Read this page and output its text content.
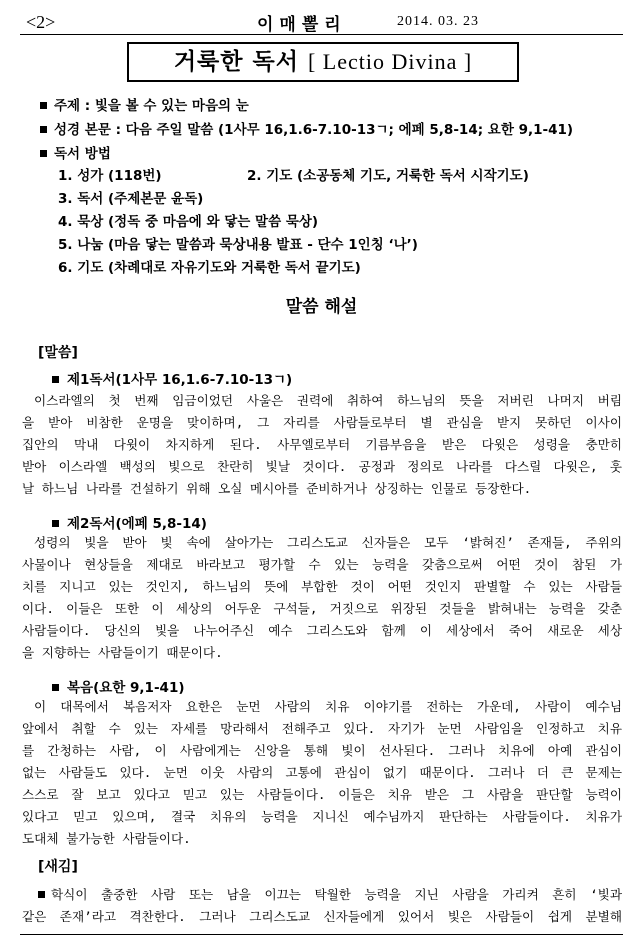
<2>	이매뽈리	2014. 03. 23
거룩한 독서 [ Lectio Divina ]
주제 : 빛을 볼 수 있는 마음의 눈
성경 본문 : 다음 주일 말씀 (1사무 16,1.6-7.10-13ㄱ; 에페 5,8-14; 요한 9,1-41)
독서 방법
1. 성가 (118번)	2. 기도 (소공동체 기도, 거룩한 독서 시작기도)
3. 독서 (주제본문 윤독)
4. 묵상 (정독 중 마음에 와 닿는 말씀 묵상)
5. 나눔 (마음 닿는 말씀과 묵상내용 발표 - 단수 1인칭 ‘나’)
6. 기도 (차례대로 자유기도와 거룩한 독서 끝기도)
말씀 해설
[말씀]
제1독서(1사무 16,1.6-7.10-13ㄱ)
이스라엘의 첫 번째 임금이었던 사울은 권력에 취하여 하느님의 뜻을 저버린 나머지 버림
을 받아 비참한 운명을 맞이하며, 그 자리를 사람들로부터 별 관심을 받지 못하던 이사이
집안의 막내 다윗이 차지하게 된다. 사무엘로부터 기름부음을 받은 다윗은 성령을 충만히
받아 이스라엘 백성의 빛으로 찬란히 빛날 것이다. 공정과 정의로 나라를 다스릴 다윗은, 훗
날 하느님 나라를 건설하기 위해 오실 메시아를 준비하거나 상징하는 인물로 등장한다.
제2독서(에페 5,8-14)
성령의 빛을 받아 빛 속에 살아가는 그리스도교 신자들은 모두 ‘밝혀진’ 존재들, 주위의
사물이나 현상들을 제대로 바라보고 평가할 수 있는 능력을 갖춤으로써 어떤 것이 참된 가
치를 지니고 있는 것인지, 하느님의 뜻에 부합한 것이 어떤 것인지 판별할 수 있는 사람들
이다. 이들은 또한 이 세상의 어두운 구석들, 거짓으로 위장된 것들을 밝혀내는 능력을 갖춘
사람들이다. 당신의 빛을 나누어주신 예수 그리스도와 함께 이 세상에서 죽어 새로운 세상
을 지향하는 사람들이기 때문이다.
복음(요한 9,1-41)
이 대목에서 복음저자 요한은 눈먼 사람의 치유 이야기를 전하는 가운데, 사람이 예수님
앞에서 취할 수 있는 자세를 망라해서 전해주고 있다. 자기가 눈먼 사람임을 인정하고 치유
를 간청하는 사람, 이 사람에게는 신앙을 통해 빛이 선사된다. 그러나 치유에 아예 관심이
없는 사람들도 있다. 눈먼 이웃 사람의 고통에 관심이 없기 때문이다. 그러나 더 큰 문제는
스스로 잘 보고 있다고 믿고 있는 사람들이다. 이들은 치유 받은 그 사람을 판단할 능력이
있다고 믿고 있으며, 결국 치유의 능력을 지니신 예수님까지 판단하는 사람들이다. 치유가
도대체 불가능한 사람들이다.
[새김]
학식이 출중한 사람 또는 남을 이끄는 탁월한 능력을 지닌 사람을 가리켜 흔히 ‘빛과
같은 존재’라고 격찬한다. 그러나 그리스도교 신자들에게 있어서 빛은 사람들이 쉽게 분별해
